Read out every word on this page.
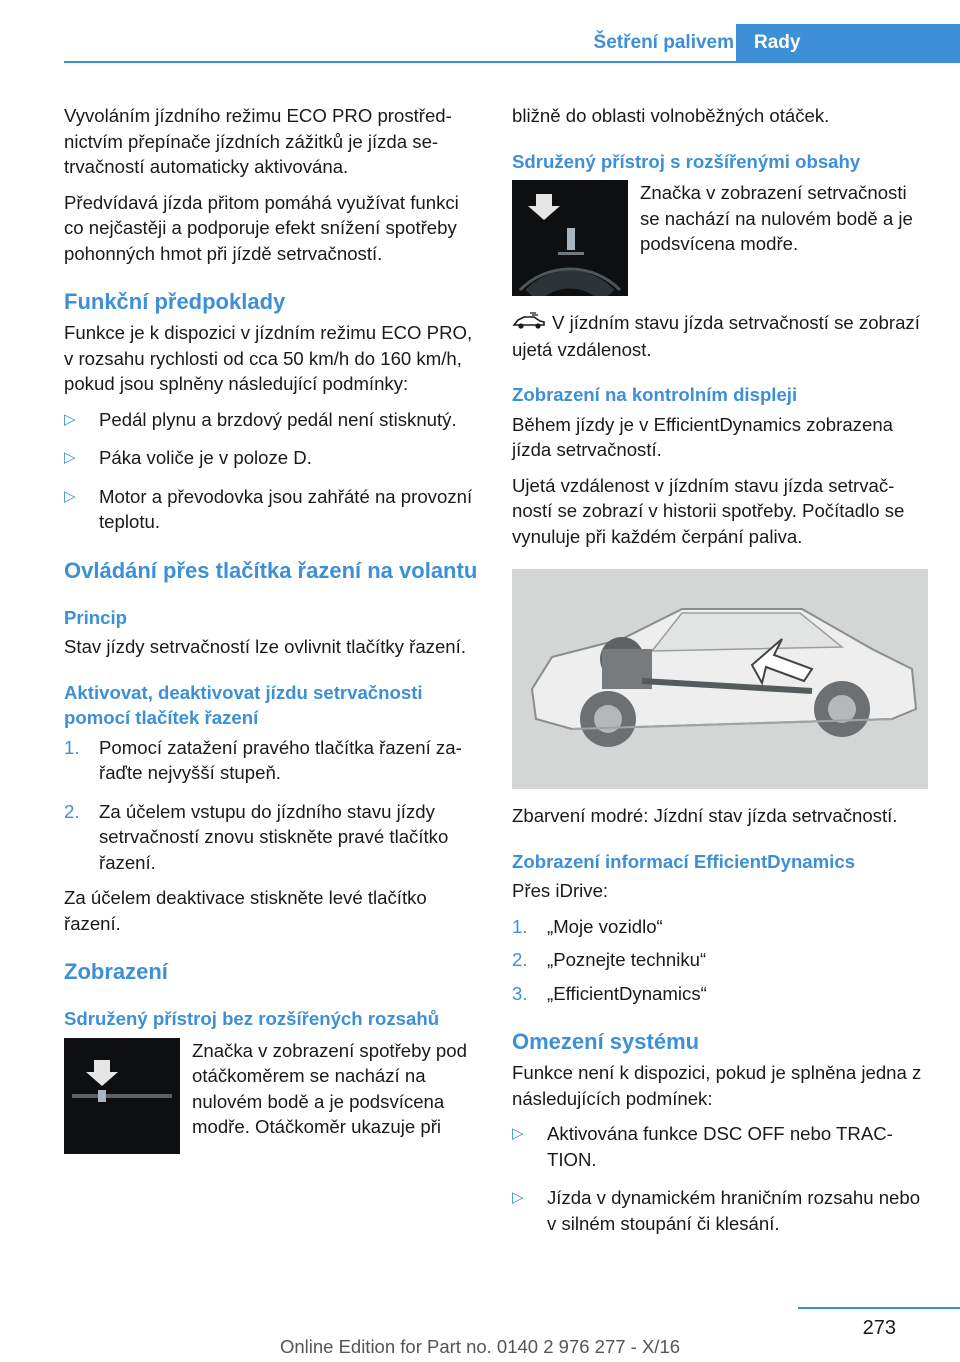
Šetření palivem	Rady

Vyvoláním jízdního režimu ECO PRO prostřednictvím přepínače jízdních zážitků je jízda setrvačností automaticky aktivována.

Předvídavá jízda přitom pomáhá využívat funkci co nejčastěji a podporuje efekt snížení spotřeby pohonných hmot při jízdě setrvačností.

Funkční předpoklady

Funkce je k dispozici v jízdním režimu ECO PRO, v rozsahu rychlosti od cca 50 km/h do 160 km/h, pokud jsou splněny následující podmínky:

▷ Pedál plynu a brzdový pedál není stisknutý.
▷ Páka voliče je v poloze D.
▷ Motor a převodovka jsou zahřáté na provozní teplotu.
Ovládání přes tlačítka řazení na volantu
Princip

Stav jízdy setrvačností lze ovlivnit tlačítky řazení.

Aktivovat, deaktivovat jízdu setrvačnosti pomocí tlačítek řazení
1. Pomocí zatažení pravého tlačítka řazení zařaďte nejvyšší stupeň.
2. Za účelem vstupu do jízdního stavu jízdy setrvačností znovu stiskněte pravé tlačítko řazení.

Za účelem deaktivace stiskněte levé tlačítko řazení.

Zobrazení
Sdružený přístroj bez rozšířených rozsahů
Značka v zobrazení spotřeby pod otáčkoměrem se nachází na nulovém bodě a je podsvícena modře. Otáčkoměr ukazuje při

bližně do oblasti volnoběžných otáček.

Sdružený přístroj s rozšířenými obsahy
Značka v zobrazení setrvačnosti se nachází na nulovém bodě a je podsvícena modře.

V jízdním stavu jízda setrvačností se zobrazí ujetá vzdálenost.

Zobrazení na kontrolním displeji

Během jízdy je v EfficientDynamics zobrazena jízda setrvačností.

Ujetá vzdálenost v jízdním stavu jízda setrvačností se zobrazí v historii spotřeby. Počítadlo se vynuluje při každém čerpání paliva.

Zbarvení modré: Jízdní stav jízda setrvačností.

Zobrazení informací EfficientDynamics

Přes iDrive:

1. „Moje vozidlo“
2. „Poznejte techniku“
3. „EfficientDynamics“
Omezení systému

Funkce není k dispozici, pokud je splněna jedna z následujících podmínek:

▷ Aktivována funkce DSC OFF nebo TRACTION.
▷ Jízda v dynamickém hraničním rozsahu nebo v silném stoupání či klesání.
273
Online Edition for Part no. 0140 2 976 277 - X/16
